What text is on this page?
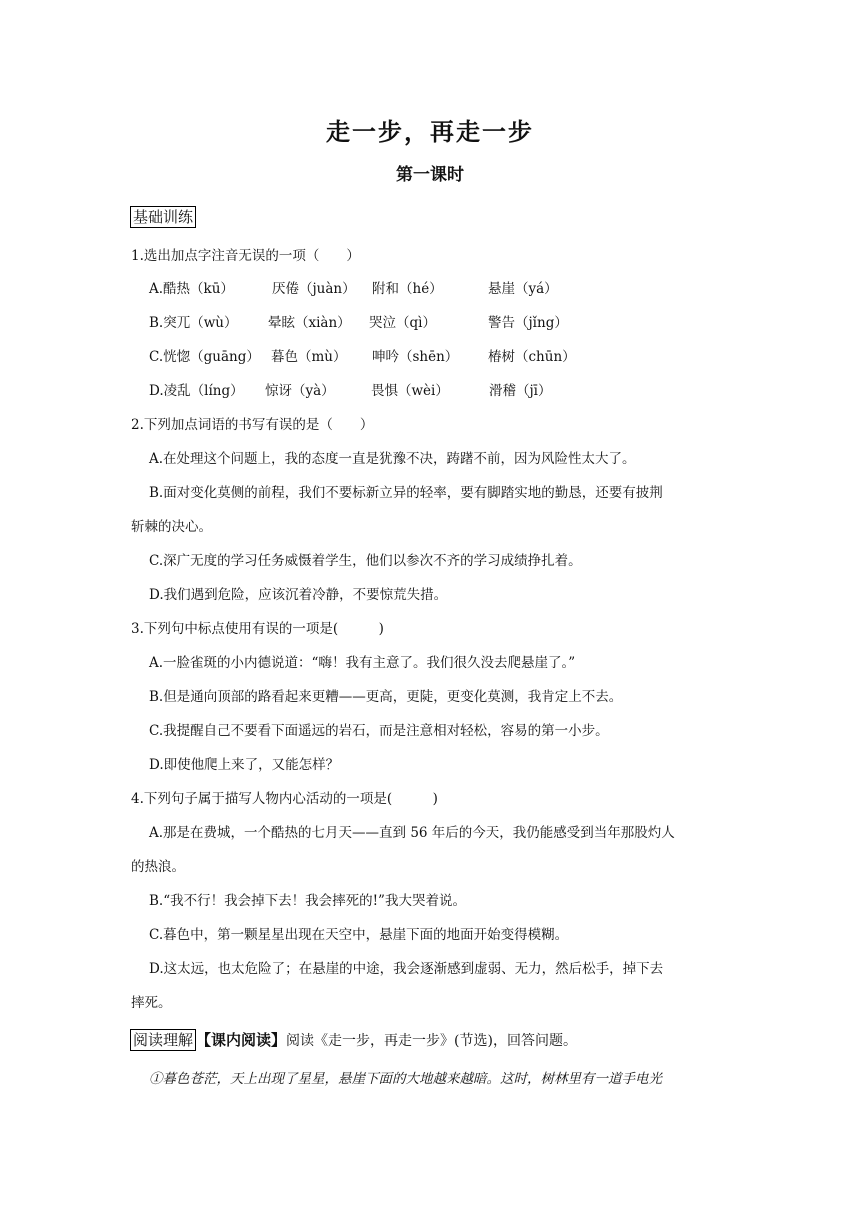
走一步，再走一步
第一课时
基础训练
1.选出加点字注音无误的一项（　　）
A.酷热（kū）	厌倦（juàn） 附和（hé）	悬崖（yá）
B.突兀（wù） 晕眩（xiàn） 哭泣（qì）	警告（jǐng）
C.恍惚（guāng） 暮色（mù） 呻吟（shēn） 椿树（chūn）
D.凌乱（líng） 惊讶（yà）	畏惧（wèi）	滑稽（jī）
2.下列加点词语的书写有误的是（　　）
A.在处理这个问题上，我的态度一直是犹豫不决，踌躇不前，因为风险性太大了。
B.面对变化莫侧的前程，我们不要标新立异的轻率，要有脚踏实地的勤恳，还要有披荆
斩棘的决心。
C.深广无度的学习任务威慑着学生，他们以参次不齐的学习成绩挣扎着。
D.我们遇到危险，应该沉着冷静，不要惊荒失措。
3.下列句中标点使用有误的一项是(　　　)
A.一脸雀斑的小内德说道：“嗨！我有主意了。我们很久没去爬悬崖了。”
B.但是通向顶部的路看起来更糟——更高，更陡，更变化莫测，我肯定上不去。
C.我提醒自己不要看下面遥远的岩石，而是注意相对轻松，容易的第一小步。
D.即使他爬上来了，又能怎样？
4.下列句子属于描写人物内心活动的一项是(　　　)
A.那是在费城，一个酷热的七月天——直到 56 年后的今天，我仍能感受到当年那股灼人
的热浪。
B.“我不行！我会掉下去！我会摔死的!”我大哭着说。
C.暮色中，第一颗星星出现在天空中，悬崖下面的地面开始变得模糊。
D.这太远，也太危险了；在悬崖的中途，我会逐渐感到虚弱、无力，然后松手，掉下去
摔死。
阅读理解 【课内阅读】阅读《走一步，再走一步》(节选)，回答问题。
①暮色苍茫，天上出现了星星，悬崖下面的大地越来越暗。这时，树林里有一道手电光
